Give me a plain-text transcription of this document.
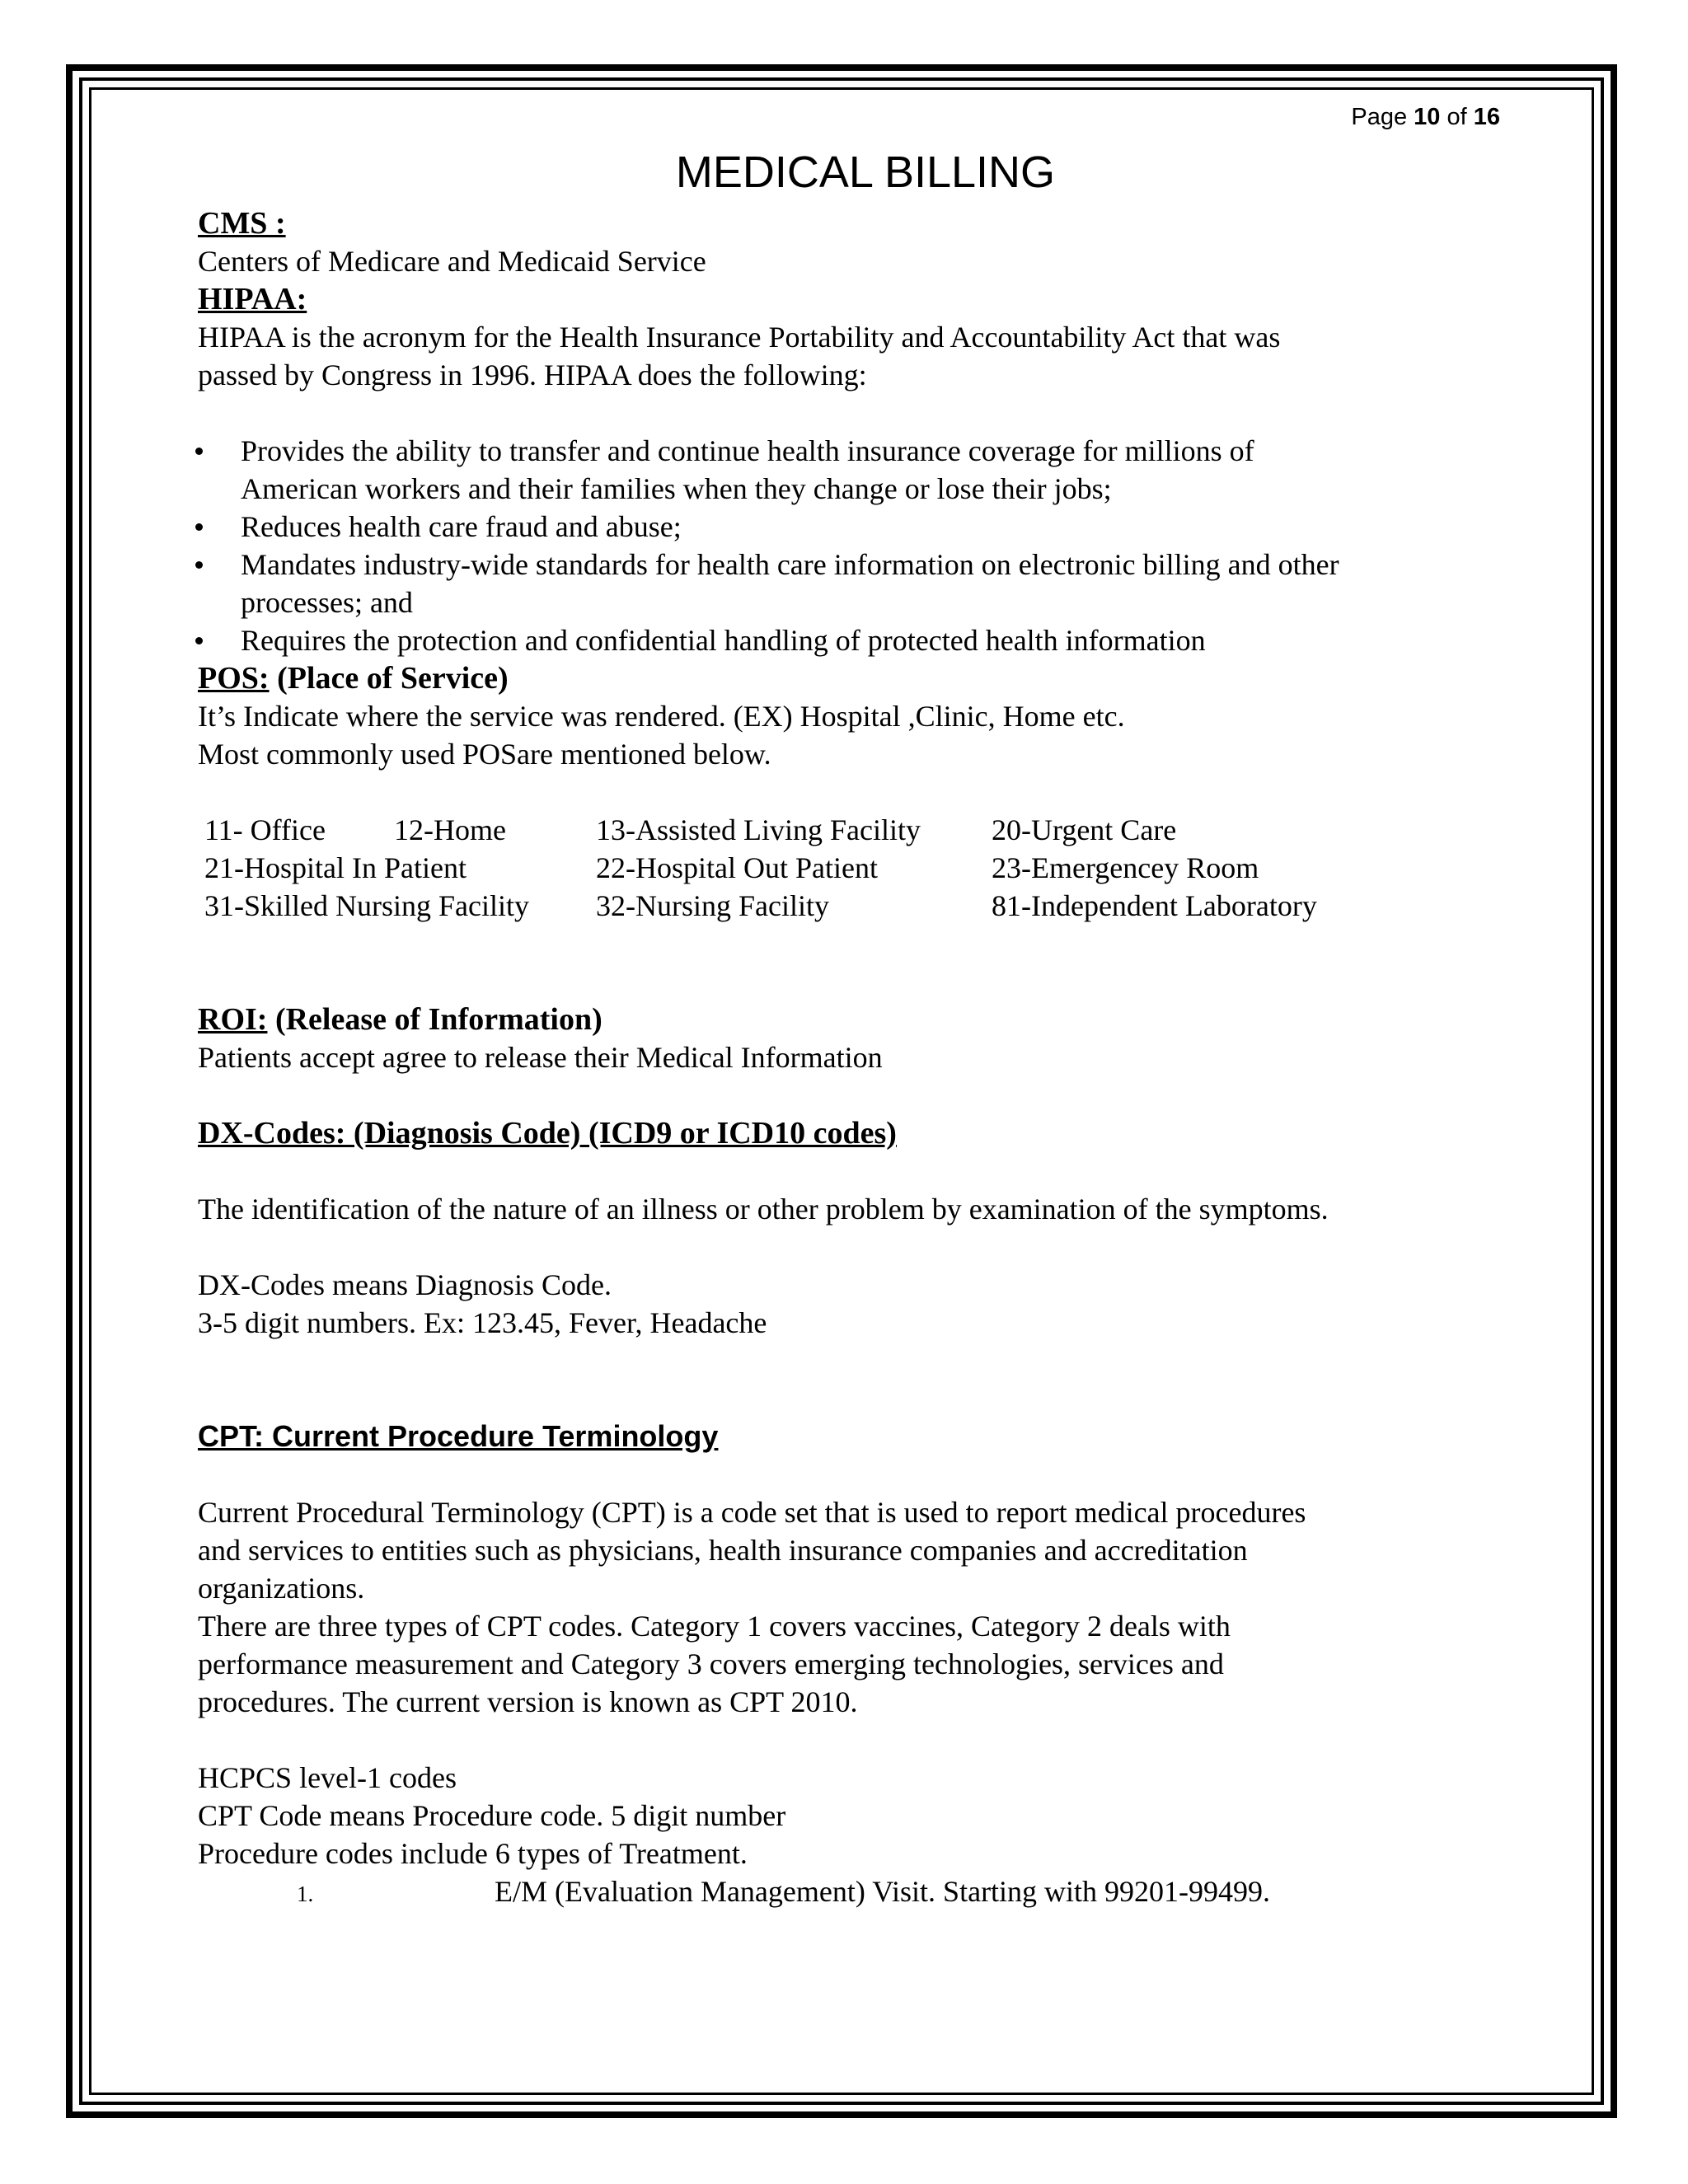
Page 10 of 16
MEDICAL BILLING

CMS :

Centers of Medicare and Medicaid Service

HIPAA:

HIPAA is the acronym for the Health Insurance Portability and Accountability Act that was

passed by Congress in 1996. HIPAA does the following:

Provides the ability to transfer and continue health insurance coverage for millions of
American workers and their families when they change or lose their jobs;
Reduces health care fraud and abuse;
Mandates industry-wide standards for health care information on electronic billing and other
processes; and
Requires the protection and confidential handling of protected health information

POS: (Place of Service)

It’s Indicate where the service was rendered. (EX) Hospital ,Clinic, Home etc.

Most commonly used POSare mentioned below.

11- Office 12-Home	13-Assisted Living Facility	20-Urgent Care
21-Hospital In Patient	22-Hospital Out Patient	23-Emergencey Room
31-Skilled Nursing Facility	32-Nursing Facility	81-Independent Laboratory

ROI: (Release of Information)

Patients accept agree to release their Medical Information

DX-Codes: (Diagnosis Code) (ICD9 or ICD10 codes)

The identification of the nature of an illness or other problem by examination of the symptoms.

DX-Codes means Diagnosis Code.

3-5 digit numbers. Ex: 123.45, Fever, Headache

CPT: Current Procedure Terminology

Current Procedural Terminology (CPT) is a code set that is used to report medical procedures

and services to entities such as physicians, health insurance companies and accreditation

organizations.

There are three types of CPT codes. Category 1 covers vaccines, Category 2 deals with

performance measurement and Category 3 covers emerging technologies, services and

procedures. The current version is known as CPT 2010.

HCPCS level-1 codes

CPT Code means Procedure code. 5 digit number

Procedure codes include 6 types of Treatment.

1.	E/M (Evaluation Management) Visit. Starting with 99201-99499.
